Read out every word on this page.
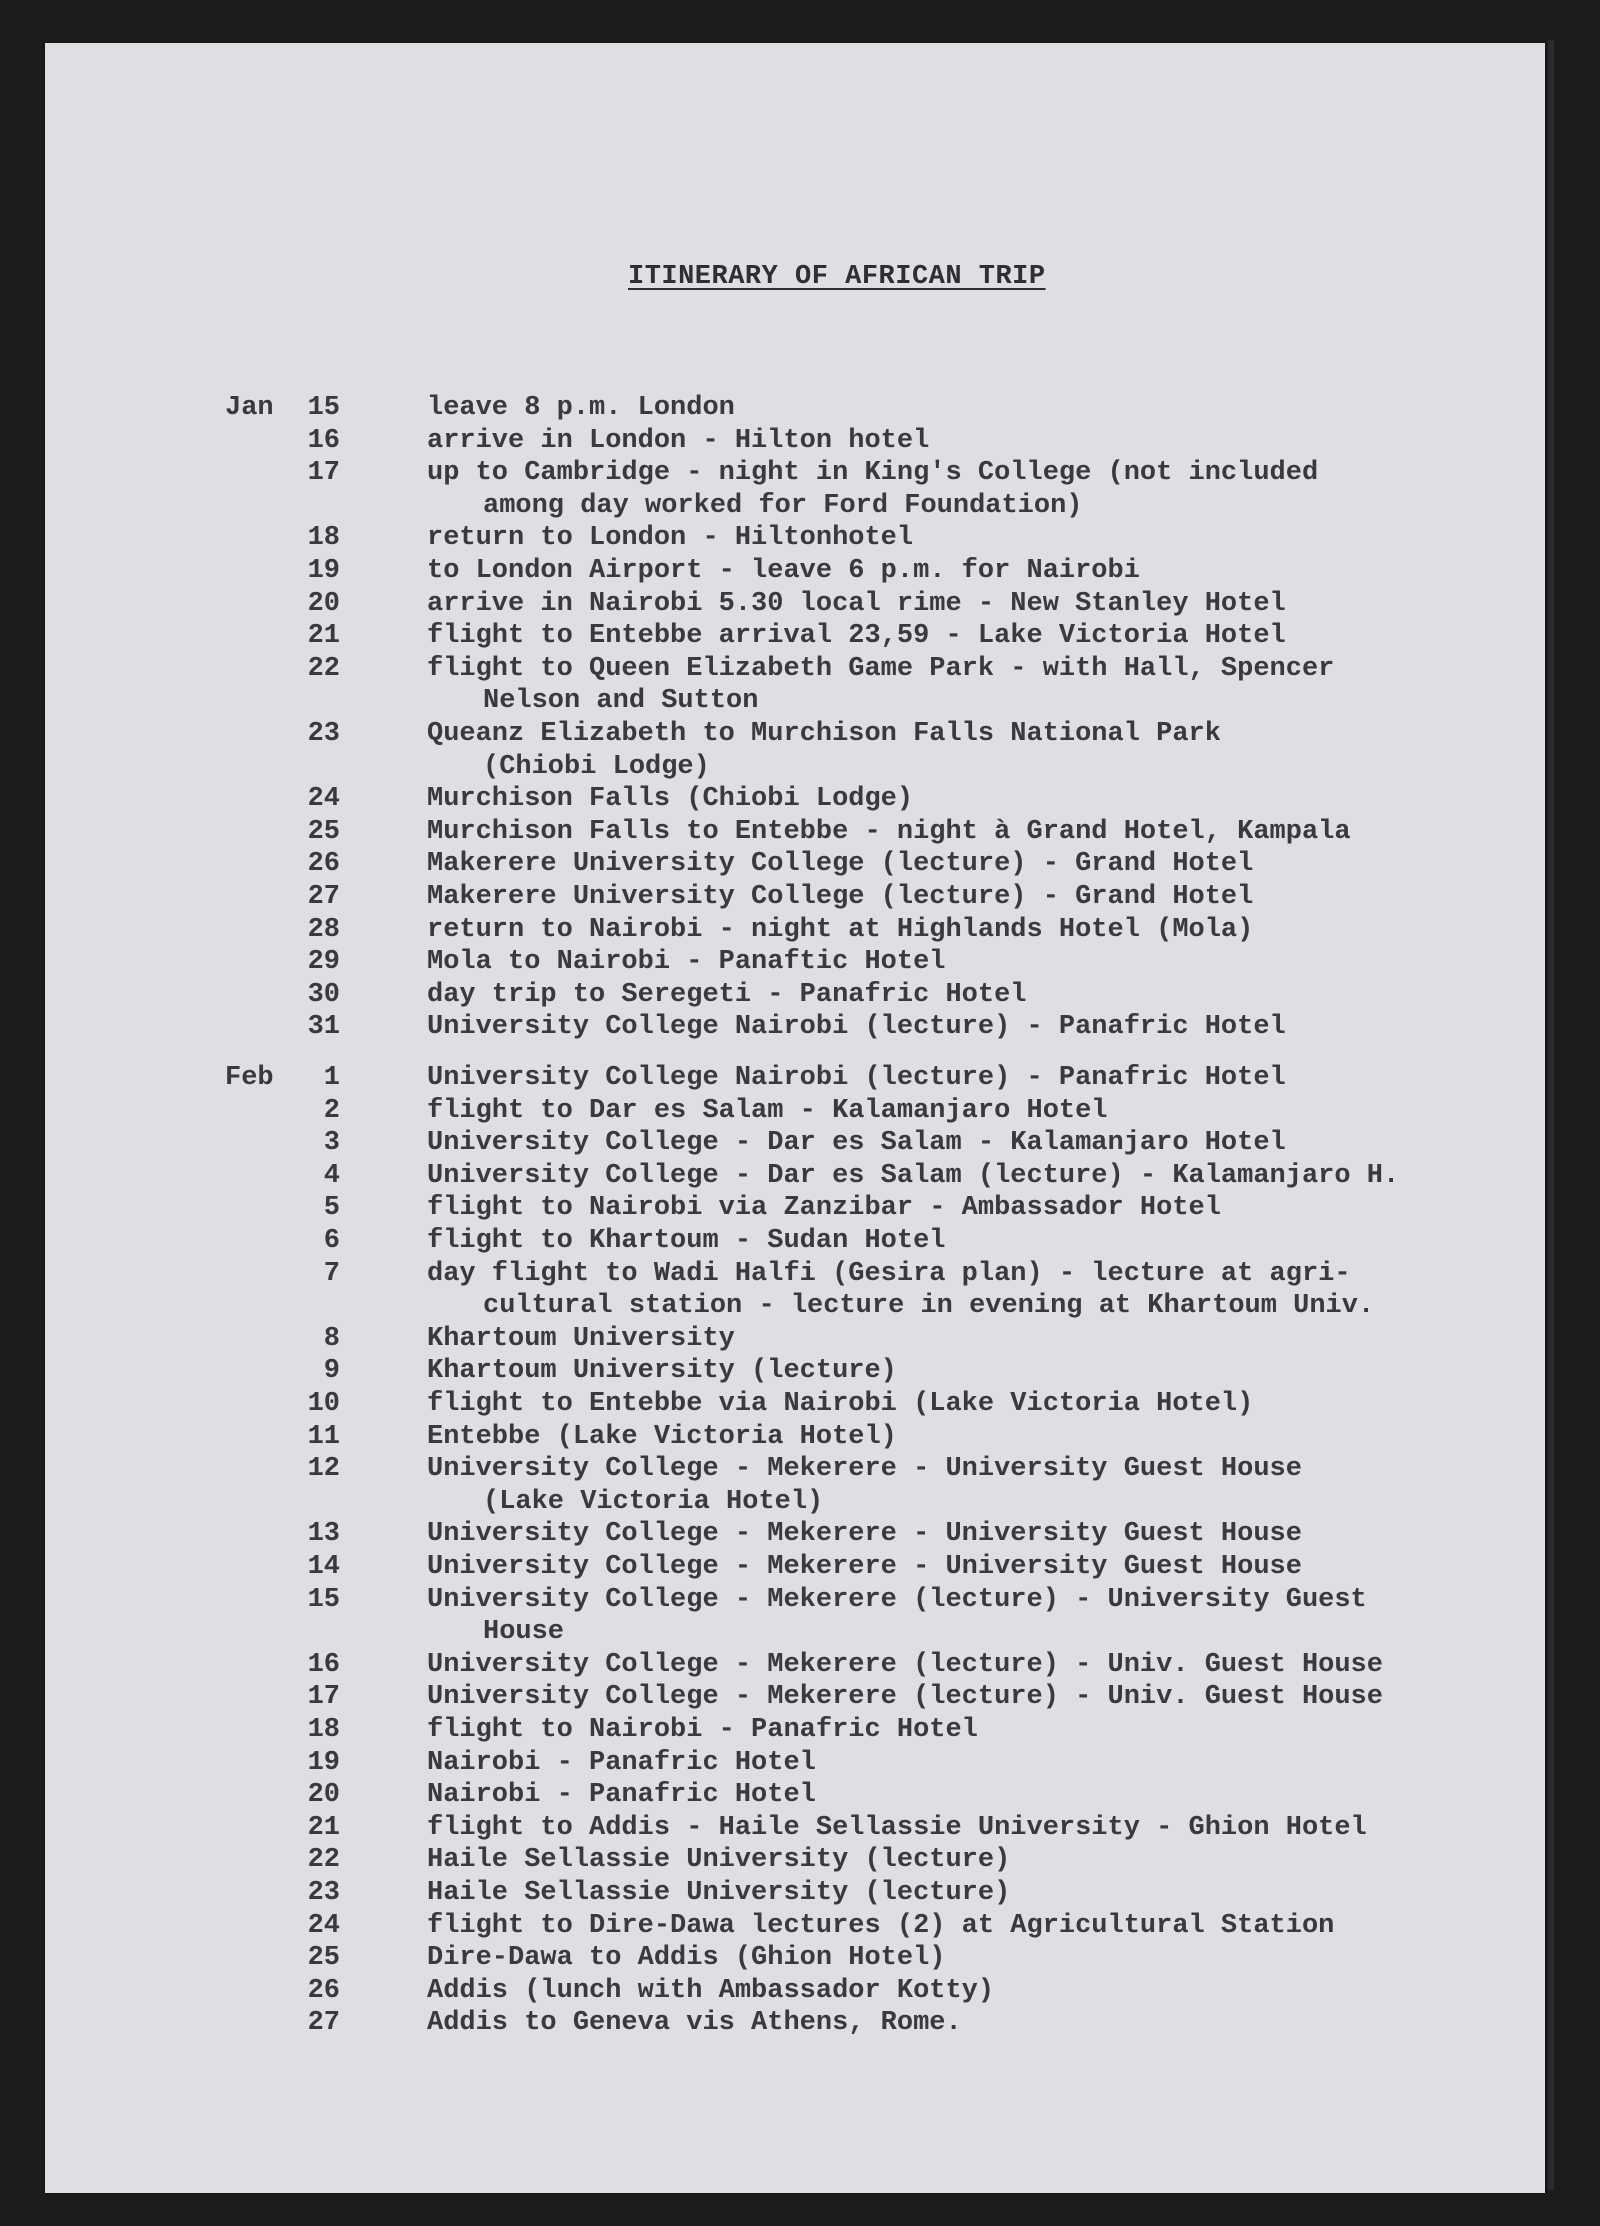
ITINERARY OF AFRICAN TRIP
Jan	15	leave 8 p.m. London
16	arrive in London - Hilton hotel
17	up to Cambridge - night in King's College (not included
among day worked for Ford Foundation)
18	return to London - Hiltonhotel
19	to London Airport - leave 6 p.m. for Nairobi
20	arrive in Nairobi 5.30 local rime - New Stanley Hotel
21	flight to Entebbe arrival 23,59 - Lake Victoria Hotel
22	flight to Queen Elizabeth Game Park - with Hall, Spencer
Nelson and Sutton
23	Queanz Elizabeth to Murchison Falls National Park
(Chiobi Lodge)
24	Murchison Falls (Chiobi Lodge)
25	Murchison Falls to Entebbe - night à Grand Hotel, Kampala
26	Makerere University College (lecture) - Grand Hotel
27	Makerere University College (lecture) - Grand Hotel
28	return to Nairobi - night at Highlands Hotel (Mola)
29	Mola to Nairobi - Panaftic Hotel
30	day trip to Seregeti - Panafric Hotel
31	University College Nairobi (lecture) - Panafric Hotel
Feb	1	University College Nairobi (lecture) - Panafric Hotel
2	flight to Dar es Salam - Kalamanjaro Hotel
3	University College - Dar es Salam - Kalamanjaro Hotel
4	University College - Dar es Salam (lecture) - Kalamanjaro H.
5	flight to Nairobi via Zanzibar - Ambassador Hotel
6	flight to Khartoum - Sudan Hotel
7	day flight to Wadi Halfi (Gesira plan) - lecture at agri-
cultural station - lecture in evening at Khartoum Univ.
8	Khartoum University
9	Khartoum University (lecture)
10	flight to Entebbe via Nairobi (Lake Victoria Hotel)
11	Entebbe (Lake Victoria Hotel)
12	University College - Mekerere - University Guest House
(Lake Victoria Hotel)
13	University College - Mekerere - University Guest House
14	University College - Mekerere - University Guest House
15	University College - Mekerere (lecture) - University Guest
House
16	University College - Mekerere (lecture) - Univ. Guest House
17	University College - Mekerere (lecture) - Univ. Guest House
18	flight to Nairobi - Panafric Hotel
19	Nairobi - Panafric Hotel
20	Nairobi - Panafric Hotel
21	flight to Addis - Haile Sellassie University - Ghion Hotel
22	Haile Sellassie University (lecture)
23	Haile Sellassie University (lecture)
24	flight to Dire-Dawa lectures (2) at Agricultural Station
25	Dire-Dawa to Addis (Ghion Hotel)
26	Addis (lunch with Ambassador Kotty)
27	Addis to Geneva vis Athens, Rome.
